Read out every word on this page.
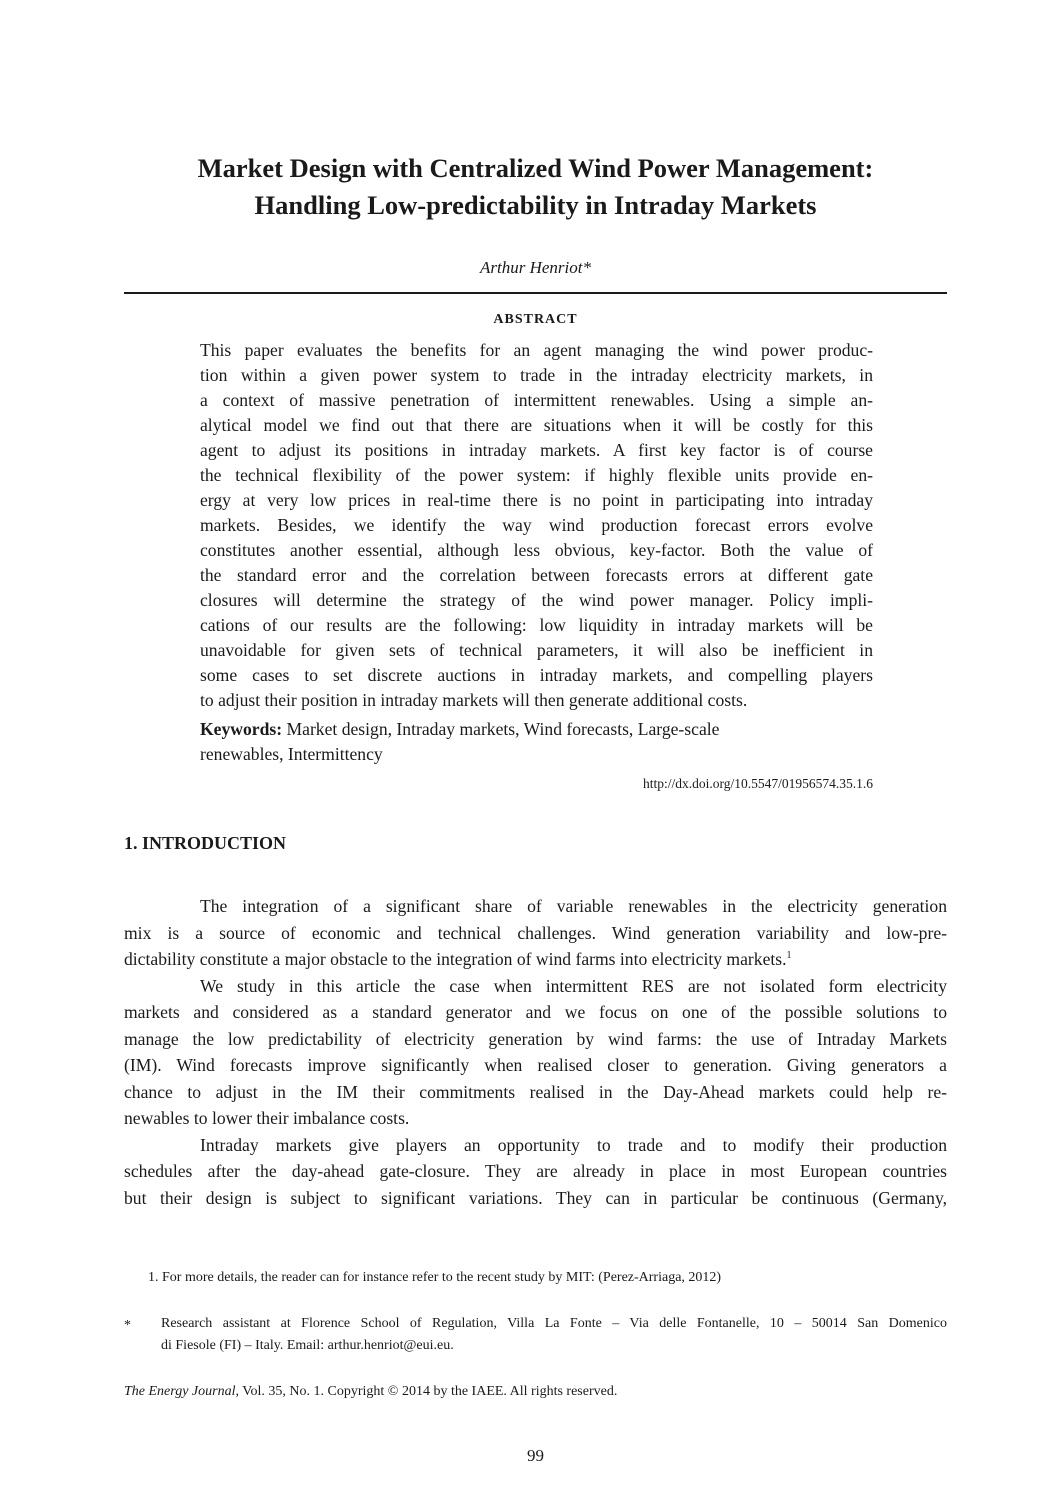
Market Design with Centralized Wind Power Management:
Handling Low-predictability in Intraday Markets
Arthur Henriot*
ABSTRACT
This paper evaluates the benefits for an agent managing the wind power produc-
tion within a given power system to trade in the intraday electricity markets, in
a context of massive penetration of intermittent renewables. Using a simple an-
alytical model we find out that there are situations when it will be costly for this
agent to adjust its positions in intraday markets. A first key factor is of course
the technical flexibility of the power system: if highly flexible units provide en-
ergy at very low prices in real-time there is no point in participating into intraday
markets. Besides, we identify the way wind production forecast errors evolve
constitutes another essential, although less obvious, key-factor. Both the value of
the standard error and the correlation between forecasts errors at different gate
closures will determine the strategy of the wind power manager. Policy impli-
cations of our results are the following: low liquidity in intraday markets will be
unavoidable for given sets of technical parameters, it will also be inefficient in
some cases to set discrete auctions in intraday markets, and compelling players
to adjust their position in intraday markets will then generate additional costs.
Keywords: Market design, Intraday markets, Wind forecasts, Large-scale
renewables, Intermittency
http://dx.doi.org/10.5547/01956574.35.1.6
1. INTRODUCTION
The integration of a significant share of variable renewables in the electricity generation
mix is a source of economic and technical challenges. Wind generation variability and low-pre-
dictability constitute a major obstacle to the integration of wind farms into electricity markets.$^1$
We study in this article the case when intermittent RES are not isolated form electricity
markets and considered as a standard generator and we focus on one of the possible solutions to
manage the low predictability of electricity generation by wind farms: the use of Intraday Markets
(IM). Wind forecasts improve significantly when realised closer to generation. Giving generators a
chance to adjust in the IM their commitments realised in the Day-Ahead markets could help re-
newables to lower their imbalance costs.
Intraday markets give players an opportunity to trade and to modify their production
schedules after the day-ahead gate-closure. They are already in place in most European countries
but their design is subject to significant variations. They can in particular be continuous (Germany,
1. For more details, the reader can for instance refer to the recent study by MIT: (Perez-Arriaga, 2012)
* Research assistant at Florence School of Regulation, Villa La Fonte – Via delle Fontanelle, 10 – 50014 San Domenico
di Fiesole (FI) – Italy. Email: arthur.henriot@eui.eu.
The Energy Journal, Vol. 35, No. 1. Copyright © 2014 by the IAEE. All rights reserved.
99
